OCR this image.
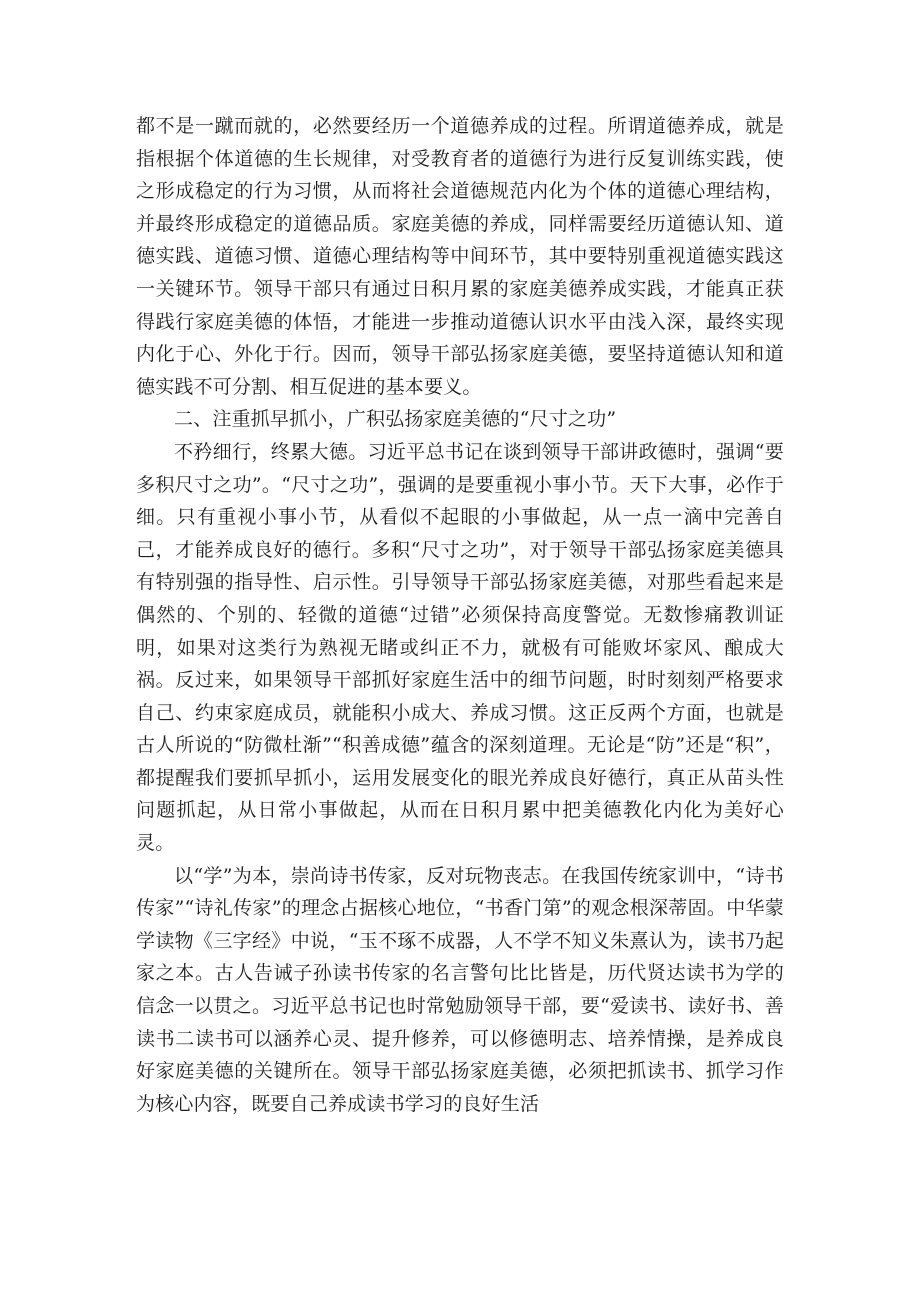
都不是一蹴而就的，必然要经历一个道德养成的过程。所谓道德养成，就是指根据个体道德的生长规律，对受教育者的道德行为进行反复训练实践，使之形成稳定的行为习惯，从而将社会道德规范内化为个体的道德心理结构，并最终形成稳定的道德品质。家庭美德的养成，同样需要经历道德认知、道德实践、道德习惯、道德心理结构等中间环节，其中要特别重视道德实践这一关键环节。领导干部只有通过日积月累的家庭美德养成实践，才能真正获得践行家庭美德的体悟，才能进一步推动道德认识水平由浅入深，最终实现内化于心、外化于行。因而，领导干部弘扬家庭美德，要坚持道德认知和道德实践不可分割、相互促进的基本要义。

二、注重抓早抓小，广积弘扬家庭美德的“尺寸之功”

不矜细行，终累大德。习近平总书记在谈到领导干部讲政德时，强调“要多积尺寸之功”。“尺寸之功”，强调的是要重视小事小节。天下大事，必作于细。只有重视小事小节，从看似不起眼的小事做起，从一点一滴中完善自己，才能养成良好的德行。多积“尺寸之功”，对于领导干部弘扬家庭美德具有特别强的指导性、启示性。引导领导干部弘扬家庭美德，对那些看起来是偶然的、个别的、轻微的道德“过错”必须保持高度警觉。无数惨痛教训证明，如果对这类行为熟视无睹或纠正不力，就极有可能败坏家风、酿成大祸。反过来，如果领导干部抓好家庭生活中的细节问题，时时刻刻严格要求自己、约束家庭成员，就能积小成大、养成习惯。这正反两个方面，也就是古人所说的“防微杜渐”“积善成德”蕴含的深刻道理。无论是“防”还是“积”，都提醒我们要抓早抓小，运用发展变化的眼光养成良好德行，真正从苗头性问题抓起，从日常小事做起，从而在日积月累中把美德教化内化为美好心灵。

以“学”为本，崇尚诗书传家，反对玩物丧志。在我国传统家训中，“诗书传家”“诗礼传家”的理念占据核心地位，“书香门第”的观念根深蒂固。中华蒙学读物《三字经》中说，“玉不琢不成器，人不学不知义朱熹认为，读书乃起家之本。古人告诫子孙读书传家的名言警句比比皆是，历代贤达读书为学的信念一以贯之。习近平总书记也时常勉励领导干部，要“爱读书、读好书、善读书二读书可以涵养心灵、提升修养，可以修德明志、培养情操，是养成良好家庭美德的关键所在。领导干部弘扬家庭美德，必须把抓读书、抓学习作为核心内容，既要自己养成读书学习的良好生活
